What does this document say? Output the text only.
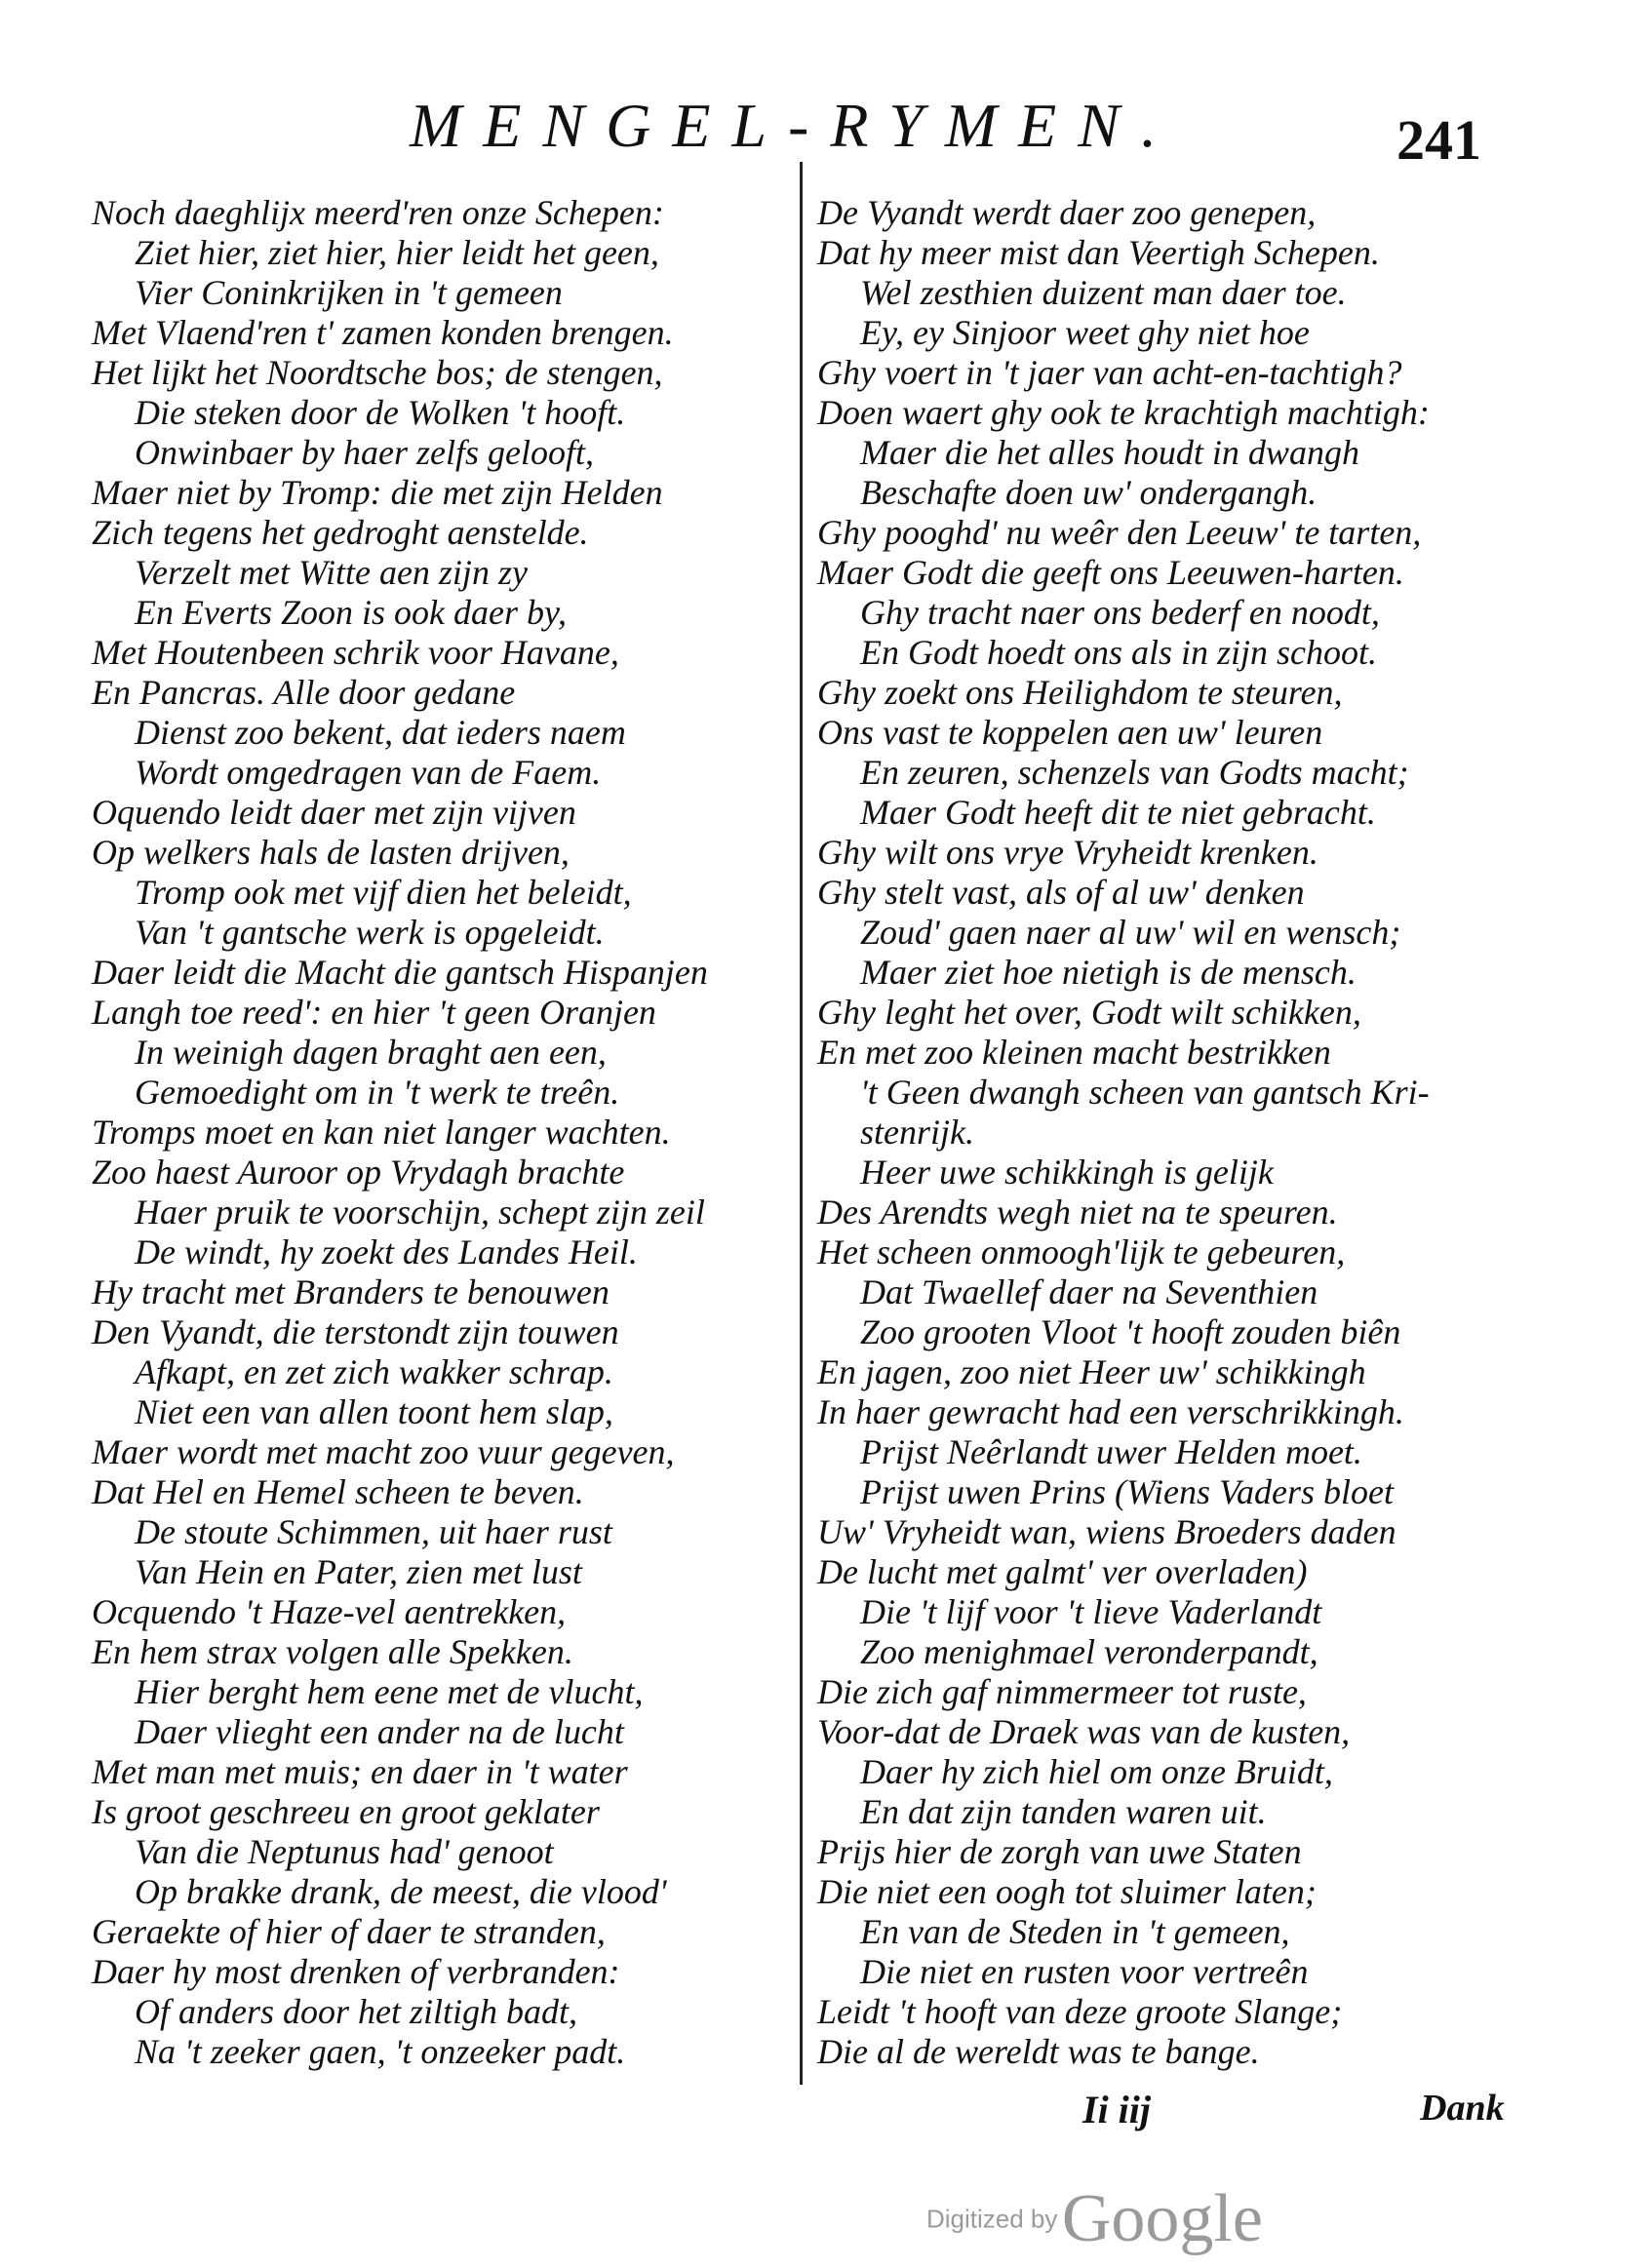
MENGEL-RYMEN.	241
Noch daeghlijx meerd'ren onze Schepen:
Ziet hier, ziet hier, hier leidt het geen,
Vier Coninkrijken in 't gemeen
Met Vlaend'ren t' zamen konden brengen.
Het lijkt het Noordtsche bos; de stengen,
Die steken door de Wolken 't hooft.
Onwinbaer by haer zelfs gelooft,
Maer niet by Tromp: die met zijn Helden
Zich tegens het gedroght aenstelde.
Verzelt met Witte aen zijn zy
En Everts Zoon is ook daer by,
Met Houtenbeen schrik voor Havane,
En Pancras. Alle door gedane
Dienst zoo bekent, dat ieders naem
Wordt omgedragen van de Faem.
Oquendo leidt daer met zijn vijven
Op welkers hals de lasten drijven,
Tromp ook met vijf dien het beleidt,
Van 't gantsche werk is opgeleidt.
Daer leidt die Macht die gantsch Hispanjen
Langh toe reed': en hier 't geen Oranjen
In weinigh dagen braght aen een,
Gemoedight om in 't werk te treên.
Tromps moet en kan niet langer wachten.
Zoo haest Auroor op Vrydagh brachte
Haer pruik te voorschijn, schept zijn zeil
De windt, hy zoekt des Landes Heil.
Hy tracht met Branders te benouwen
Den Vyandt, die terstondt zijn touwen
Afkapt, en zet zich wakker schrap.
Niet een van allen toont hem slap,
Maer wordt met macht zoo vuur gegeven,
Dat Hel en Hemel scheen te beven.
De stoute Schimmen, uit haer rust
Van Hein en Pater, zien met lust
Ocquendo 't Haze-vel aentrekken,
En hem strax volgen alle Spekken.
Hier berght hem eene met de vlucht,
Daer vlieght een ander na de lucht
Met man met muis; en daer in 't water
Is groot geschreeu en groot geklater
Van die Neptunus had' genoot
Op brakke drank, de meest, die vlood'
Geraekte of hier of daer te stranden,
Daer hy most drenken of verbranden:
Of anders door het ziltigh badt,
Na 't zeeker gaen, 't onzeeker padt.
De Vyandt werdt daer zoo genepen,
Dat hy meer mist dan Veertigh Schepen.
Wel zesthien duizent man daer toe.
Ey, ey Sinjoor weet ghy niet hoe
Ghy voert in 't jaer van acht-en-tachtigh?
Doen waert ghy ook te krachtigh machtigh:
Maer die het alles houdt in dwangh
Beschafte doen uw' ondergangh.
Ghy pooghd' nu weêr den Leeuw' te tarten,
Maer Godt die geeft ons Leeuwen-harten.
Ghy tracht naer ons bederf en noodt,
En Godt hoedt ons als in zijn schoot.
Ghy zoekt ons Heilighdom te steuren,
Ons vast te koppelen aen uw' leuren
En zeuren, schenzels van Godts macht;
Maer Godt heeft dit te niet gebracht.
Ghy wilt ons vrye Vryheidt krenken.
Ghy stelt vast, als of al uw' denken
Zoud' gaen naer al uw' wil en wensch;
Maer ziet hoe nietigh is de mensch.
Ghy leght het over, Godt wilt schikken,
En met zoo kleinen macht bestrikken
't Geen dwangh scheen van gantsch Kri-
stenrijk.
Heer uwe schikkingh is gelijk
Des Arendts wegh niet na te speuren.
Het scheen onmoogh'lijk te gebeuren,
Dat Twaellef daer na Seventhien
Zoo grooten Vloot 't hooft zouden biên
En jagen, zoo niet Heer uw' schikkingh
In haer gewracht had een verschrikkingh.
Prijst Neêrlandt uwer Helden moet.
Prijst uwen Prins (Wiens Vaders bloet
Uw' Vryheidt wan, wiens Broeders daden
De lucht met galmt' ver overladen)
Die 't lijf voor 't lieve Vaderlandt
Zoo menighmael veronderpandt,
Die zich gaf nimmermeer tot ruste,
Voor-dat de Draek was van de kusten,
Daer hy zich hiel om onze Bruidt,
En dat zijn tanden waren uit.
Prijs hier de zorgh van uwe Staten
Die niet een oogh tot sluimer laten;
En van de Steden in 't gemeen,
Die niet en rusten voor vertreên
Leidt 't hooft van deze groote Slange;
Die al de wereldt was te bange.
Ii iij	Dank
Digitized by Google
